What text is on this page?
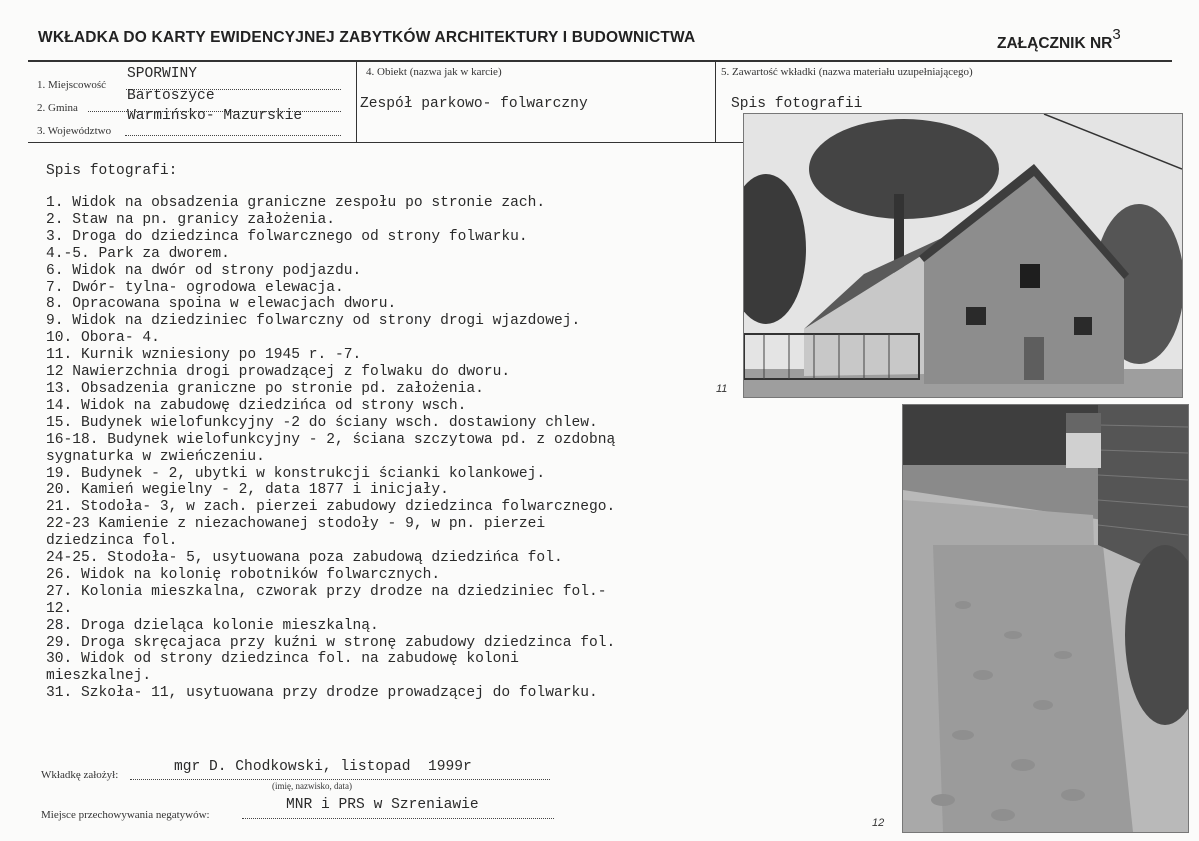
WKŁADKA DO KARTY EWIDENCYJNEJ ZABYTKÓW ARCHITEKTURY I BUDOWNICTWA	ZAŁĄCZNIK $NR^3$
1. Miejscowość
SPORWINY
2. Gmina
Bartoszyce
Warmińsko- Mazurskie
3. Województwo
4. Obiekt (nazwa jak w karcie)
Zespół parkowo- folwarczny
5. Zawartość wkładki (nazwa materiału uzupełniającego)
Spis fotografii
Spis fotografi:
1. Widok na obsadzenia graniczne zespołu po stronie zach.
2. Staw na pn. granicy założenia.
3. Droga do dziedzinca folwarcznego od strony folwarku.
4.-5. Park za dworem.
6. Widok na dwór od strony podjazdu.
7. Dwór- tylna- ogrodowa elewacja.
8. Opracowana spoina w elewacjach dworu.
9. Widok na dziedziniec folwarczny od strony drogi wjazdowej.
10. Obora- 4.
11. Kurnik wzniesiony po 1945 r. -7.
12 Nawierzchnia drogi prowadzącej z folwaku do dworu.
13. Obsadzenia graniczne po stronie pd. założenia.
14. Widok na zabudowę dziedzińca od strony wsch.
15. Budynek wielofunkcyjny -2 do ściany wsch. dostawiony chlew.
16-18. Budynek wielofunkcyjny - 2, ściana szczytowa pd. z ozdobną
sygnaturka w zwieńczeniu.
19. Budynek - 2, ubytki w konstrukcji ścianki kolankowej.
20. Kamień wegielny - 2, data 1877 i inicjały.
21. Stodoła- 3, w zach. pierzei zabudowy dziedzinca folwarcznego.
22-23 Kamienie z niezachowanej stodoły - 9, w pn. pierzei
dziedzinca fol.
24-25. Stodoła- 5, usytuowana poza zabudową dziedzińca fol.
26. Widok na kolonię robotników folwarcznych.
27. Kolonia mieszkalna, czworak przy drodze na dziedziniec fol.-
12.
28. Droga dzieląca kolonie mieszkalną.
29. Droga skręcajaca przy kuźni w stronę zabudowy dziedzinca fol.
30. Widok od strony dziedzinca fol. na zabudowę koloni
mieszkalnej.
31. Szkoła- 11, usytuowana przy drodze prowadzącej do folwarku.
Wkładkę założył:	mgr D. Chodkowski, listopad  1999r
(imię, nazwisko, data)
Miejsce przechowywania negatywów:
MNR i PRS w Szreniawie
11
12
